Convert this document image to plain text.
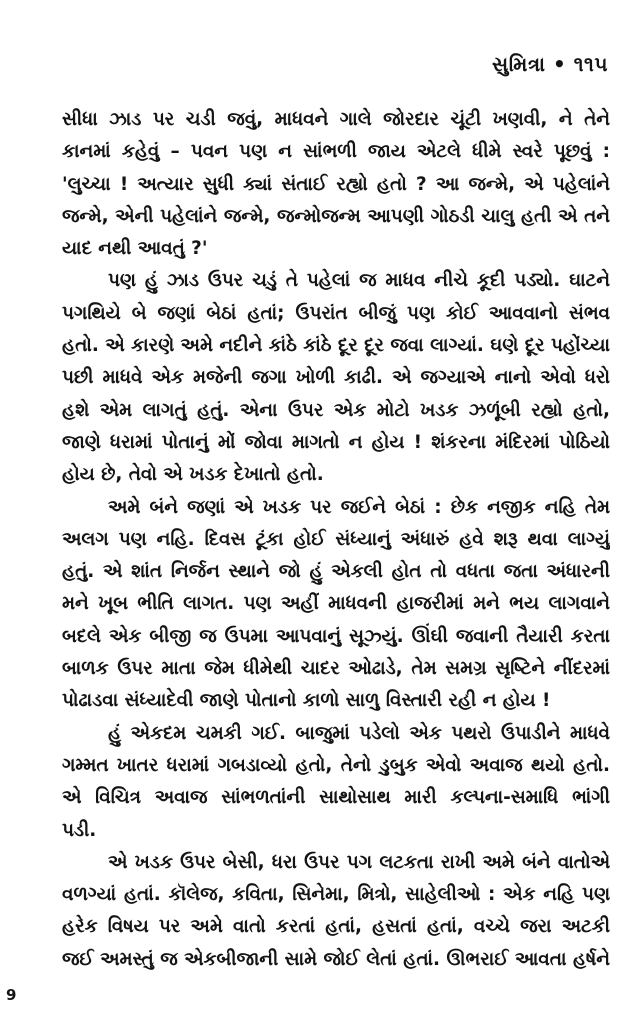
સુમિત્રા • ૧૧૫
સીધા ઝાડ પર ચડી જવું, માધવને ગાલે જોરદાર ચૂંટી ખણવી, ને તેને
કાનમાં કહેવું – પવન પણ ન સાંભળી જાય એટલે ધીમે સ્વરે પૂછવું :
'લુચ્ચા ! અત્યાર સુધી ક્યાં સંતાઈ રહ્યો હતો ? આ જન્મે, એ પહેલાંને
જન્મે, એની પહેલાંને જન્મે, જન્મોજન્મ આપણી ગોઠડી ચાલુ હતી એ તને
યાદ નથી આવતું ?'
પણ હું ઝાડ ઉપર ચડું તે પહેલાં જ માધવ નીચે કૂદી પડ્યો. ઘાટને
પગથિયે બે જણાં બેઠાં હતાં; ઉપરાંત બીજું પણ કોઈ આવવાનો સંભવ
હતો. એ કારણે અમે નદીને કાંઠે કાંઠે દૂર દૂર જવા લાગ્યાં. ઘણે દૂર પહોંચ્યા
પછી માધવે એક મજેની જગા ખોળી કાઢી. એ જગ્યાએ નાનો એવો ધરો
હશે એમ લાગતું હતું. એના ઉપર એક મોટો ખડક ઝળૂંબી રહ્યો હતો,
જાણે ધરામાં પોતાનું મોં જોવા માગતો ન હોય ! શંકરના મંદિરમાં પોઠિયો
હોય છે, તેવો એ ખડક દેખાતો હતો.
અમે બંને જણાં એ ખડક પર જઈને બેઠાં : છેક નજીક નહિ તેમ
અલગ પણ નહિ. દિવસ ટૂંકા હોઈ સંધ્યાનું અંધારું હવે શરૂ થવા લાગ્યું
હતું. એ શાંત નિર્જન સ્થાને જો હું એકલી હોત તો વધતા જતા અંધારની
મને ખૂબ ભીતિ લાગત. પણ અહીં માધવની હાજરીમાં મને ભય લાગવાને
બદલે એક બીજી જ ઉપમા આપવાનું સૂઝ્યું. ઊંઘી જવાની તૈયારી કરતા
બાળક ઉપર માતા જેમ ધીમેથી ચાદર ઓઢાડે, તેમ સમગ્ર સૃષ્ટિને નીંદરમાં
પોઢાડવા સંધ્યાદેવી જાણે પોતાનો કાળો સાળુ વિસ્તારી રહી ન હોય !
હું એકદમ ચમકી ગઈ. બાજુમાં પડેલો એક પથરો ઉપાડીને માધવે
ગમ્મત ખાતર ધરામાં ગબડાવ્યો હતો, તેનો ડુબુક એવો અવાજ થયો હતો.
એ વિચિત્ર અવાજ સાંભળતાંની સાથોસાથ મારી કલ્પના-સમાધિ ભાંગી
પડી.
એ ખડક ઉપર બેસી, ધરા ઉપર પગ લટકતા રાખી અમે બંને વાતોએ
વળગ્યાં હતાં. કૉલેજ, કવિતા, સિનેમા, મિત્રો, સાહેલીઓ : એક નહિ પણ
હરેક વિષય પર અમે વાતો કરતાં હતાં, હસતાં હતાં, વચ્ચે જરા અટકી
જઈ અમસ્તું જ એકબીજાની સામે જોઈ લેતાં હતાં. ઊભરાઈ આવતા હર્ષને
9
